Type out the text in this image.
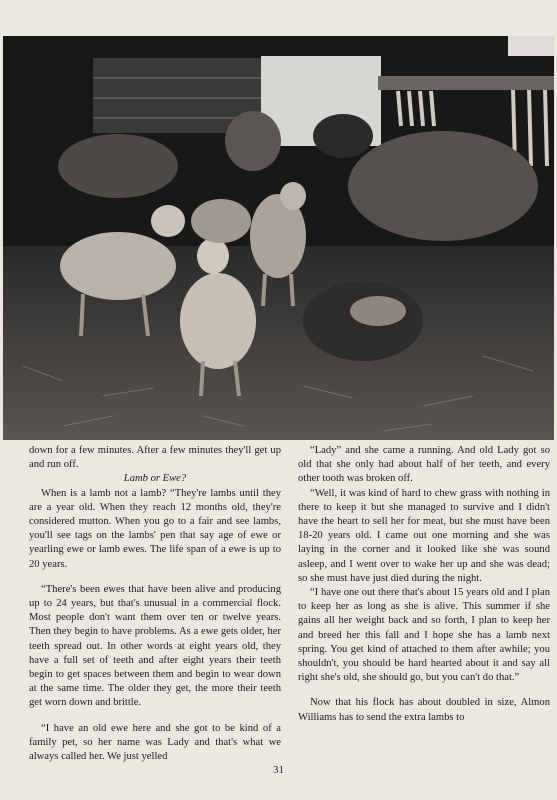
down for a few minutes. After a few minutes they'll get up and run off.

Lamb or Ewe?

When is a lamb not a lamb? “They're lambs until they are a year old. When they reach 12 months old, they're considered mutton. When you go to a fair and see lambs, you'll see tags on the lambs' pen that say age of ewe or yearling ewe or lamb ewes. The life span of a ewe is up to 20 years.

“There's been ewes that have been alive and producing up to 24 years, but that's unusual in a commercial flock. Most people don't want them over ten or twelve years. Then they begin to have problems. As a ewe gets older, her teeth spread out. In other words at eight years old, they have a full set of teeth and after eight years their teeth begin to get spaces between them and begin to wear down at the same time. The older they get, the more their teeth get worn down and brittle.

“I have an old ewe here and she got to be kind of a family pet, so her name was Lady and that's what we always called her. We just yelled

“Lady” and she came a running. And old Lady got so old that she only had about half of her teeth, and every other tooth was broken off.

“Well, it was kind of hard to chew grass with nothing in there to keep it but she managed to survive and I didn't have the heart to sell her for meat, but she must have been 18-20 years old. I came out one morning and she was laying in the corner and it looked like she was sound asleep, and I went over to wake her up and she was dead; so she must have just died during the night.

“I have one out there that's about 15 years old and I plan to keep her as long as she is alive. This summer if she gains all her weight back and so forth, I plan to keep her and breed her this fall and I hope she has a lamb next spring. You get kind of attached to them after awhile; you shouldn't, you should be hard hearted about it and say all right she's old, she should go, but you can't do that.”

Now that his flock has about doubled in size, Almon Williams has to send the extra lambs to

31
